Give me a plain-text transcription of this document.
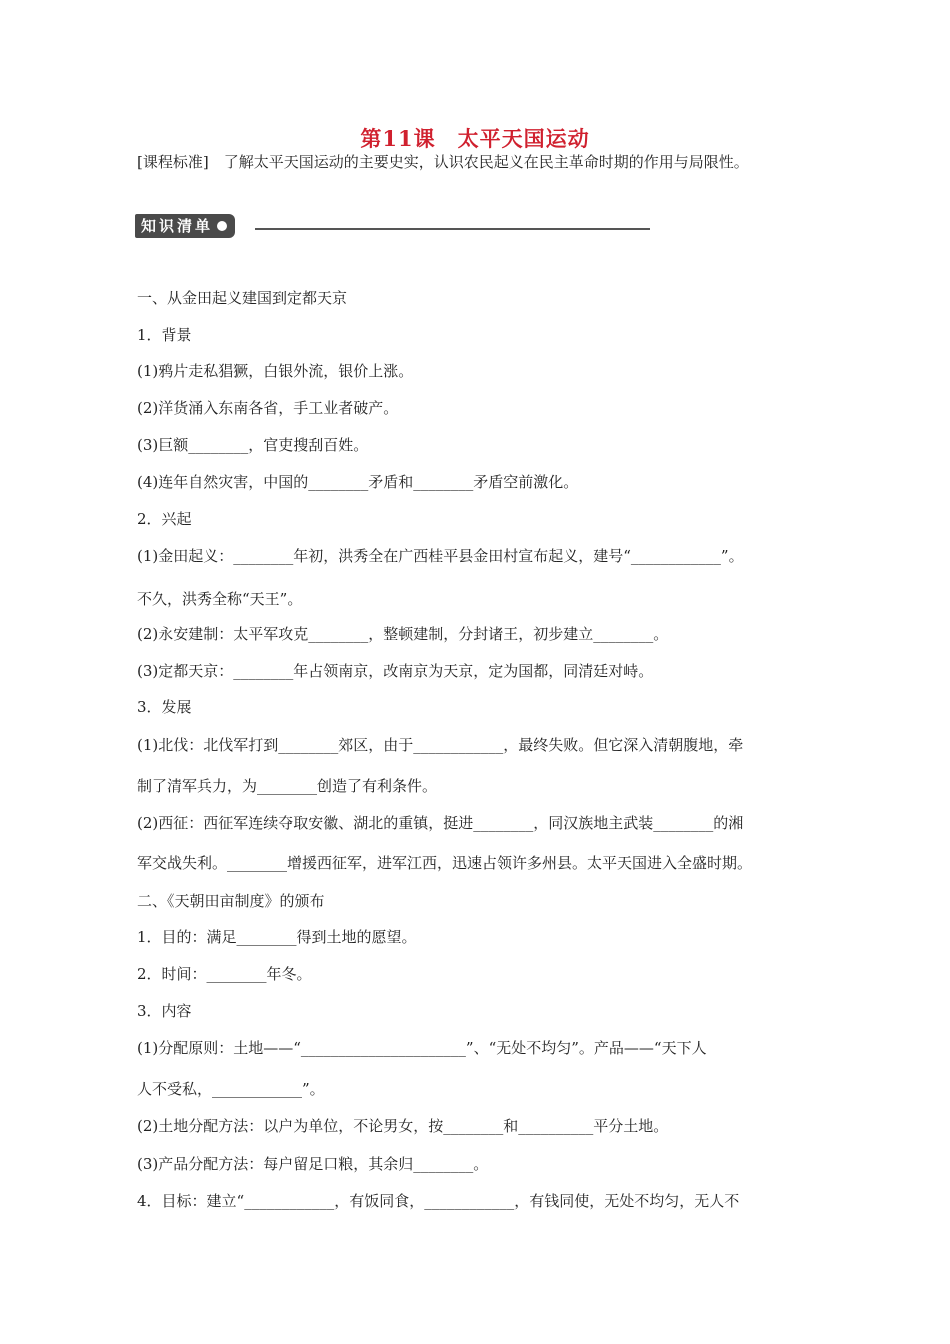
第11课　太平天国运动
[课程标准]　了解太平天国运动的主要史实，认识农民起义在民主革命时期的作用与局限性。
知识清单
一、从金田起义建国到定都天京
1．背景
(1)鸦片走私猖獗，白银外流，银价上涨。
(2)洋货涌入东南各省，手工业者破产。
(3)巨额________，官吏搜刮百姓。
(4)连年自然灾害，中国的________矛盾和________矛盾空前激化。
2．兴起
(1)金田起义：________年初，洪秀全在广西桂平县金田村宣布起义，建号“____________”。
不久，洪秀全称“天王”。
(2)永安建制：太平军攻克________，整顿建制，分封诸王，初步建立________。
(3)定都天京：________年占领南京，改南京为天京，定为国都，同清廷对峙。
3．发展
(1)北伐：北伐军打到________郊区，由于____________，最终失败。但它深入清朝腹地，牵
制了清军兵力，为________创造了有利条件。
(2)西征：西征军连续夺取安徽、湖北的重镇，挺进________，同汉族地主武装________的湘
军交战失利。________增援西征军，进军江西，迅速占领许多州县。太平天国进入全盛时期。
二、《天朝田亩制度》的颁布
1．目的：满足________得到土地的愿望。
2．时间：________年冬。
3．内容
(1)分配原则：土地——“______________________”、“无处不均匀”。产品——“天下人
人不受私，____________”。
(2)土地分配方法：以户为单位，不论男女，按________和__________平分土地。
(3)产品分配方法：每户留足口粮，其余归________。
4．目标：建立“____________，有饭同食，____________，有钱同使，无处不均匀，无人不
